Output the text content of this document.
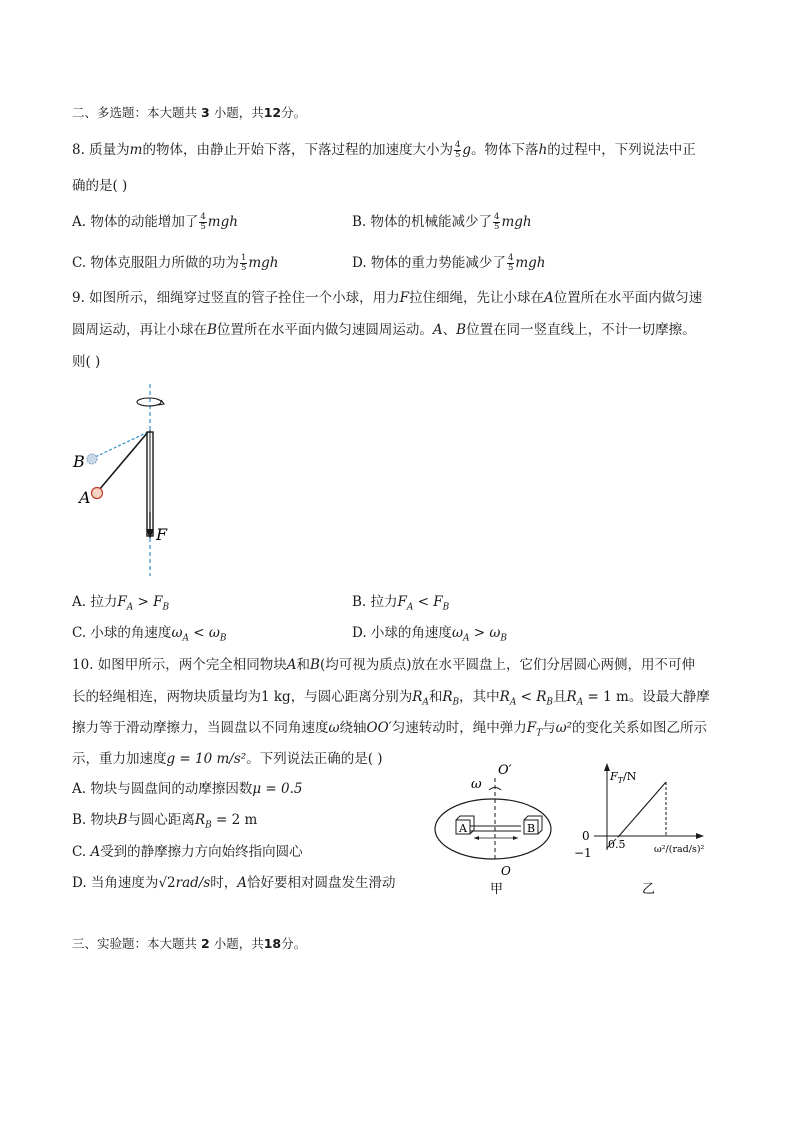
二、多选题：本大题共 3 小题，共12分。
8. 质量为m的物体，由静止开始下落，下落过程的加速度大小为 $\frac{4}{5}$ g。物体下落h的过程中，下列说法中正
确的是( )
A. 物体的动能增加了 $\frac{4}{5}$ mgh	B. 物体的机械能减少了 $\frac{4}{5}$ mgh
C. 物体克服阻力所做的功为 $\frac{1}{5}$ mgh	D. 物体的重力势能减少了 $\frac{4}{5}$ mgh
9. 如图所示，细绳穿过竖直的管子拴住一个小球，用力F拉住细绳，先让小球在A位置所在水平面内做匀速
圆周运动，再让小球在B位置所在水平面内做匀速圆周运动。A、B位置在同一竖直线上，不计一切摩擦。
则( )
B
A
F
A. 拉力$F_A > F_B$	B. 拉力$F_A < F_B$
C. 小球的角速度$\omega_A < \omega_B$	D. 小球的角速度$\omega_A > \omega_B$
10. 如图甲所示，两个完全相同物块A和B(均可视为质点)放在水平圆盘上，它们分居圆心两侧，用不可伸
长的轻绳相连，两物块质量均为1 kg，与圆心距离分别为$R_A$和$R_B$，其中$R_A < R_B$且$R_A = 1$ m。设最大静摩
擦力等于滑动摩擦力，当圆盘以不同角速度ω绕轴OO′匀速转动时，绳中弹力$F_T$与ω²的变化关系如图乙所示
示，重力加速度g = 10 m/s²。下列说法正确的是( )
A. 物块与圆盘间的动摩擦因数μ = 0.5
B. 物块B与圆心距离$R_B = 2$ m
C. A受到的静摩擦力方向始终指向圆心
D. 当角速度为√2rad/s时，A恰好要相对圆盘发生滑动
ω
O′
A	B
O
甲
$F_T/N$
0
−1
0.5	ω²/(rad/s)²
乙
三、实验题：本大题共 2 小题，共18分。
